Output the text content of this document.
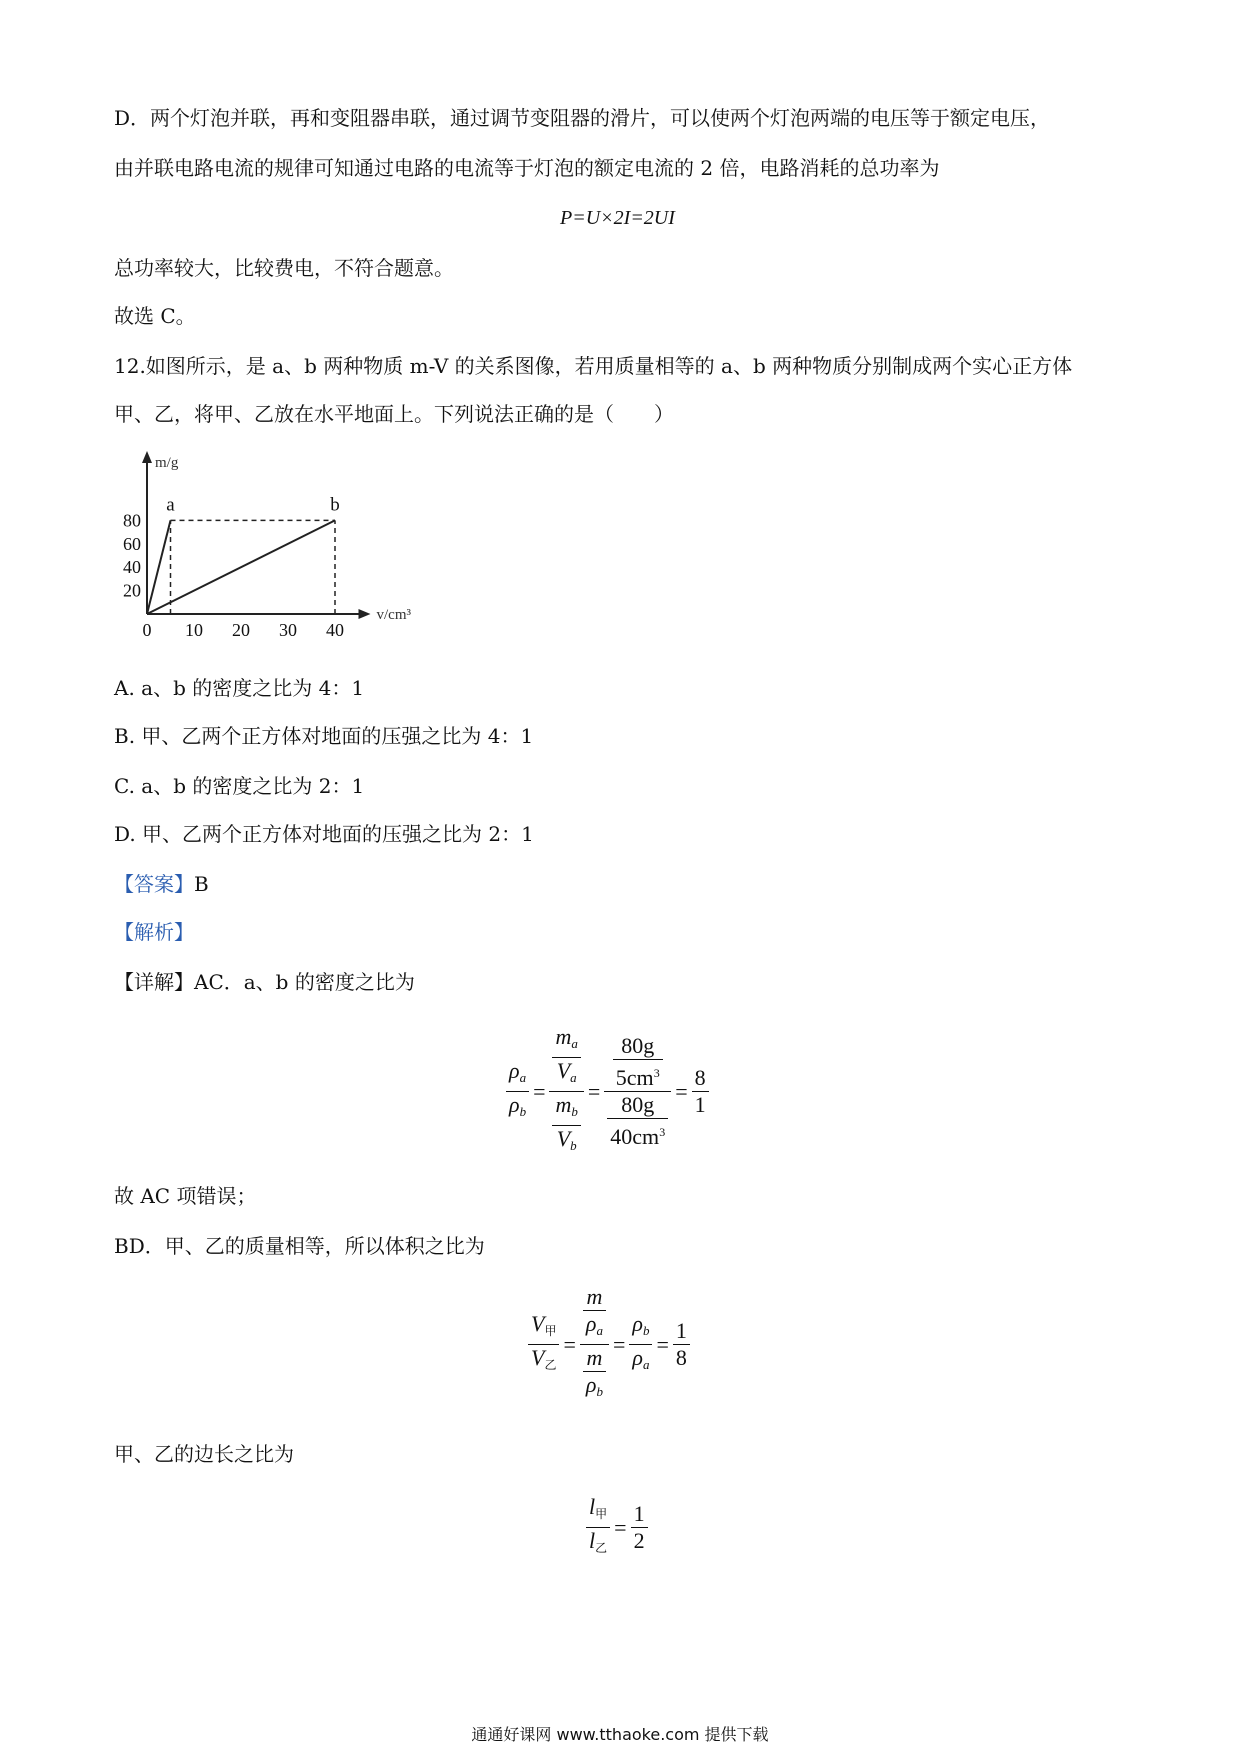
D．两个灯泡并联，再和变阻器串联，通过调节变阻器的滑片，可以使两个灯泡两端的电压等于额定电压，
由并联电路电流的规律可知通过电路的电流等于灯泡的额定电流的 2 倍，电路消耗的总功率为
P=U×2I=2UI
总功率较大，比较费电，不符合题意。
故选 C。
12.如图所示，是 a、b 两种物质 m-V 的关系图像，若用质量相等的 a、b 两种物质分别制成两个实心正方体
甲、乙，将甲、乙放在水平地面上。下列说法正确的是（　　）
m/g
v/cm³
0 10 20 30 40
20
40
60
80
a	b
A. a、b 的密度之比为 4：1
B. 甲、乙两个正方体对地面的压强之比为 4：1
C. a、b 的密度之比为 2：1
D. 甲、乙两个正方体对地面的压强之比为 2：1
【答案】B
【解析】
【详解】AC．a、b 的密度之比为
$\frac{\rho_a}{\rho_b} = \frac{\frac{m_a}{V_a}}{\frac{m_b}{V_b}} = \frac{\frac{80g}{5cm^3}}{\frac{80g}{40cm^3}} = \frac{8}{1}$
故 AC 项错误；
BD．甲、乙的质量相等，所以体积之比为
$\frac{\text{V甲}}{\text{V乙}} = \frac{\frac{m}{\rho_a}}{\frac{m}{\rho_b}} = \frac{\rho_b}{\rho_a} = \frac{1}{8}$
甲、乙的边长之比为
$\frac{\text{l甲}}{\text{l乙}} = \frac{1}{2}$
通通好课网 www.tthaoke.com 提供下载
